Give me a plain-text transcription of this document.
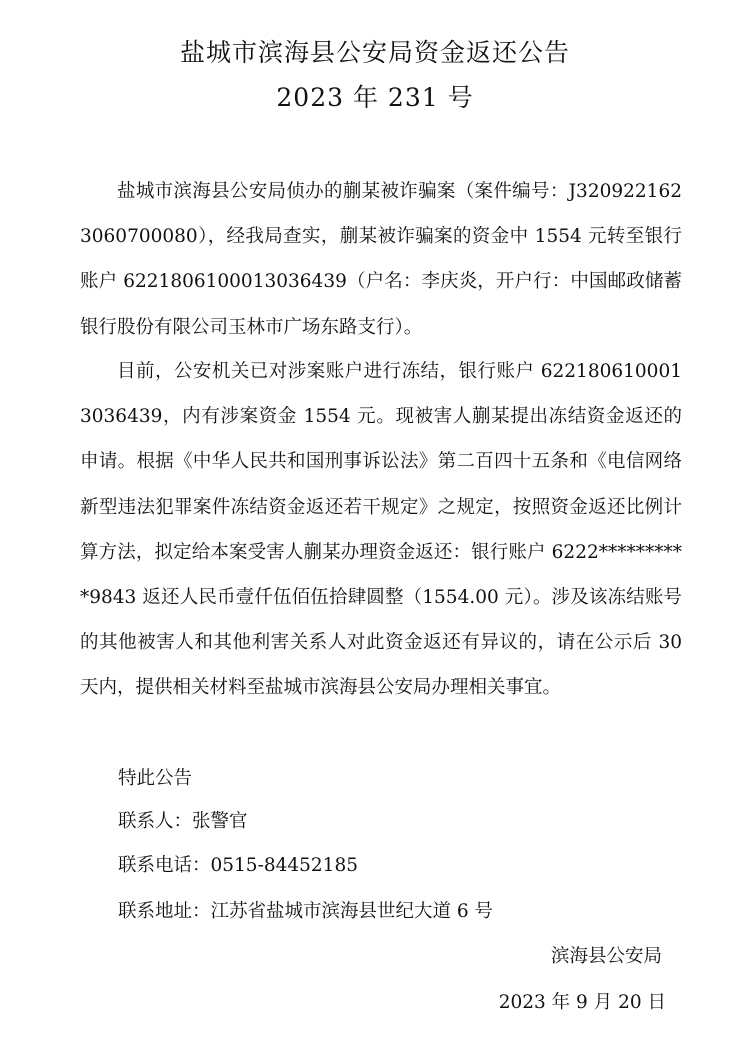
盐城市滨海县公安局资金返还公告
2023 年 231 号
盐城市滨海县公安局侦办的蒯某被诈骗案（案件编号：J3209221623060700080），经我局查实，蒯某被诈骗案的资金中 1554 元转至银行账户 6221806100013036439（户名：李庆炎，开户行：中国邮政储蓄银行股份有限公司玉林市广场东路支行）。
目前，公安机关已对涉案账户进行冻结，银行账户 6221806100013036439，内有涉案资金 1554 元。现被害人蒯某提出冻结资金返还的申请。根据《中华人民共和国刑事诉讼法》第二百四十五条和《电信网络新型违法犯罪案件冻结资金返还若干规定》之规定，按照资金返还比例计算方法，拟定给本案受害人蒯某办理资金返还：银行账户 6222**********9843 返还人民币壹仟伍佰伍拾肆圆整（1554.00 元）。涉及该冻结账号的其他被害人和其他利害关系人对此资金返还有异议的，请在公示后 30 天内，提供相关材料至盐城市滨海县公安局办理相关事宜。
特此公告
联系人：张警官
联系电话：0515-84452185
联系地址：江苏省盐城市滨海县世纪大道 6 号
滨海县公安局
2023 年 9 月 20 日
